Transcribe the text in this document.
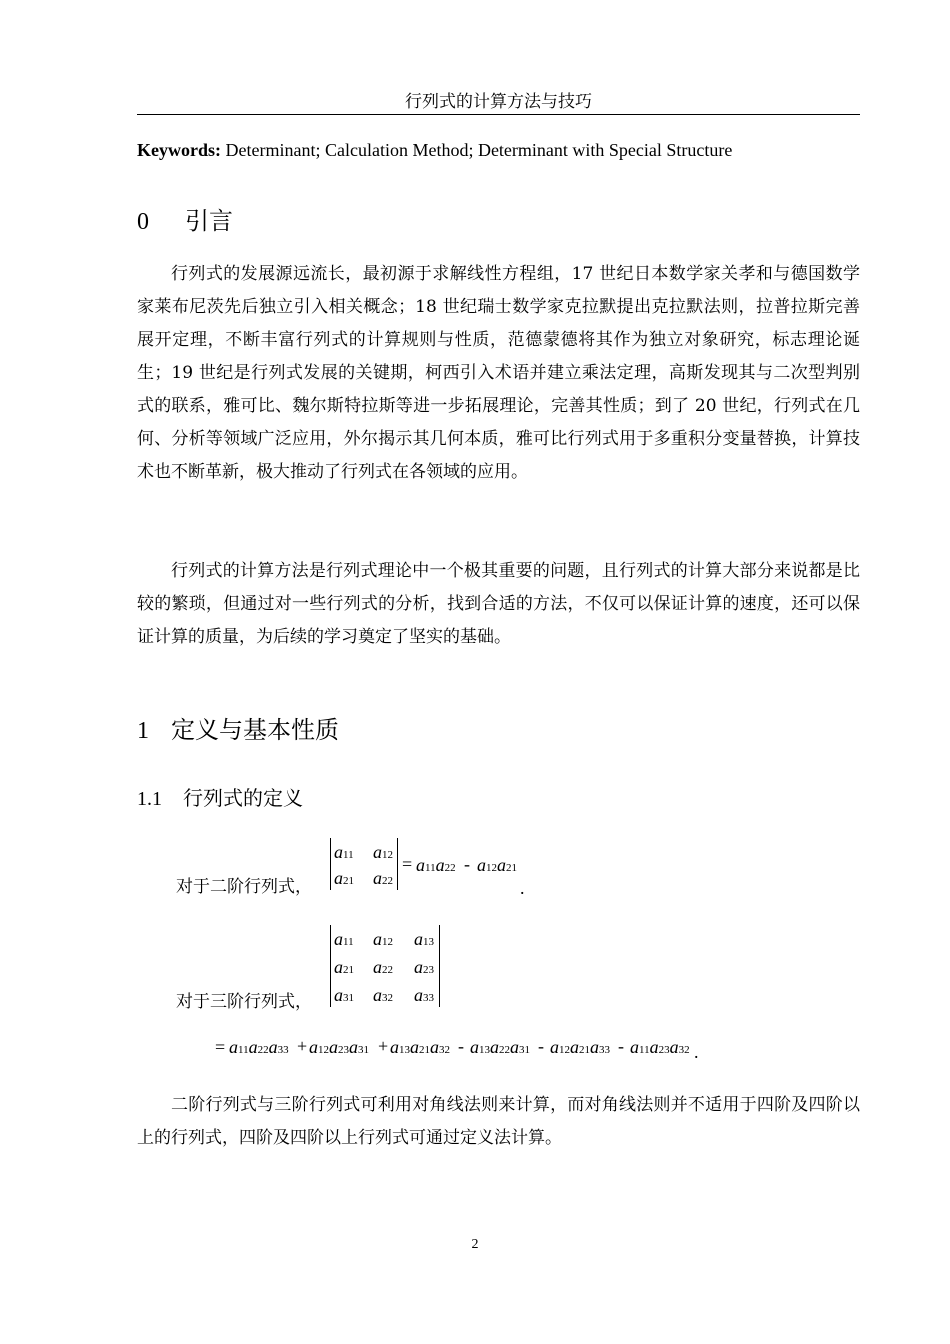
行列式的计算方法与技巧
Keywords: Determinant; Calculation Method; Determinant with Special Structure
0 引言

行列式的发展源远流长，最初源于求解线性方程组，17 世纪日本数学家关孝和与德国数学家莱布尼茨先后独立引入相关概念；18 世纪瑞士数学家克拉默提出克拉默法则，拉普拉斯完善展开定理，不断丰富行列式的计算规则与性质，范德蒙德将其作为独立对象研究，标志理论诞生；19 世纪是行列式发展的关键期，柯西引入术语并建立乘法定理，高斯发现其与二次型判别式的联系，雅可比、魏尔斯特拉斯等进一步拓展理论，完善其性质；到了 20 世纪，行列式在几何、分析等领域广泛应用，外尔揭示其几何本质，雅可比行列式用于多重积分变量替换，计算技术也不断革新，极大推动了行列式在各领域的应用。

行列式的计算方法是行列式理论中一个极其重要的问题，且行列式的计算大部分来说都是比较的繁琐，但通过对一些行列式的分析，找到合适的方法，不仅可以保证计算的速度，还可以保证计算的质量，为后续的学习奠定了坚实的基础。

1 定义与基本性质
1.1 行列式的定义
对于二阶行列式，
a11 a12
a21 a22
= a11a22 - a12a21
.
对于三阶行列式，
a11 a12 a13
a21 a22 a23
a31 a32 a33
= a11a22a33 a12a23a31 a13a21a32 a13a22a31 a12a21a33 a11a23a32
+	+	-	-	-	.

二阶行列式与三阶行列式可利用对角线法则来计算，而对角线法则并不适用于四阶及四阶以上的行列式，四阶及四阶以上行列式可通过定义法计算。

2
